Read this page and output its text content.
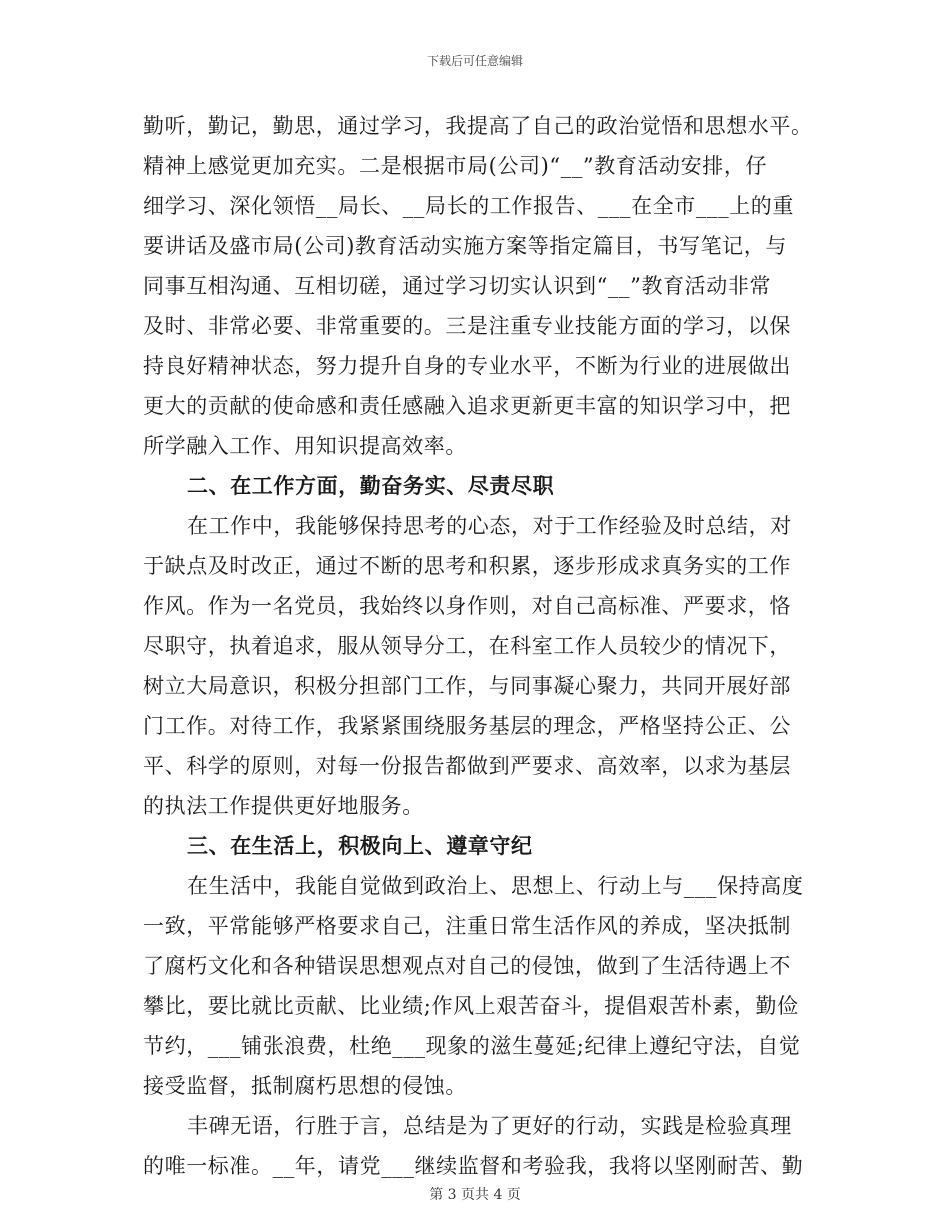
下载后可任意编辑
勤听，勤记，勤思，通过学习，我提高了自己的政治觉悟和思想水平。
精神上感觉更加充实。二是根据市局(公司)“__”教育活动安排，仔
细学习、深化领悟__局长、__局长的工作报告、___在全市___上的重
要讲话及盛市局(公司)教育活动实施方案等指定篇目，书写笔记，与
同事互相沟通、互相切磋，通过学习切实认识到“__”教育活动非常
及时、非常必要、非常重要的。三是注重专业技能方面的学习，以保
持良好精神状态，努力提升自身的专业水平，不断为行业的进展做出
更大的贡献的使命感和责任感融入追求更新更丰富的知识学习中，把
所学融入工作、用知识提高效率。
二、在工作方面，勤奋务实、尽责尽职
在工作中，我能够保持思考的心态，对于工作经验及时总结，对
于缺点及时改正，通过不断的思考和积累，逐步形成求真务实的工作
作风。作为一名党员，我始终以身作则，对自己高标准、严要求，恪
尽职守，执着追求，服从领导分工，在科室工作人员较少的情况下，
树立大局意识，积极分担部门工作，与同事凝心聚力，共同开展好部
门工作。对待工作，我紧紧围绕服务基层的理念，严格坚持公正、公
平、科学的原则，对每一份报告都做到严要求、高效率，以求为基层
的执法工作提供更好地服务。
三、在生活上，积极向上、遵章守纪
在生活中，我能自觉做到政治上、思想上、行动上与___保持高度
一致，平常能够严格要求自己，注重日常生活作风的养成，坚决抵制
了腐朽文化和各种错误思想观点对自己的侵蚀，做到了生活待遇上不
攀比，要比就比贡献、比业绩;作风上艰苦奋斗，提倡艰苦朴素，勤俭
节约，___铺张浪费，杜绝___现象的滋生蔓延;纪律上遵纪守法，自觉
接受监督，抵制腐朽思想的侵蚀。
丰碑无语，行胜于言，总结是为了更好的行动，实践是检验真理
的唯一标准。__年，请党___继续监督和考验我，我将以坚刚耐苦、勤
第 3 页共 4 页
